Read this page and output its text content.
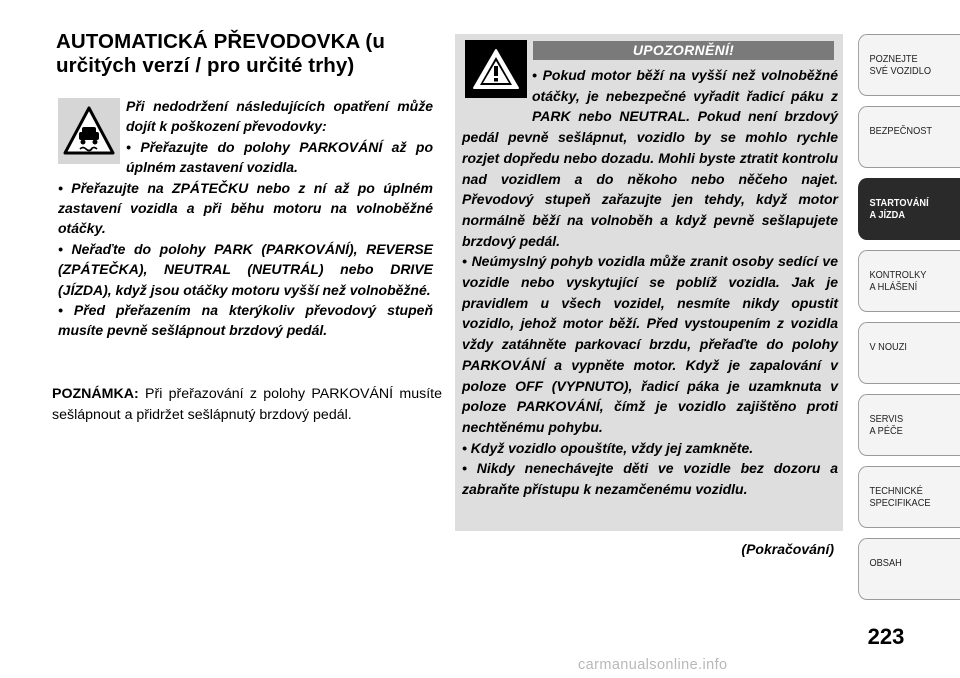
AUTOMATICKÁ PŘEVODOVKA (u určitých verzí / pro určité trhy)

Při nedodržení následujících opatření může dojít k poškození převodovky:

• Přeřazujte do polohy PARKOVÁNÍ až po úplném zastavení vozidla.

• Přeřazujte na ZPÁTEČKU nebo z ní až po úplném zastavení vozidla a při běhu motoru na volnoběžné otáčky.

• Neřaďte do polohy PARK (PARKOVÁNÍ), REVERSE (ZPÁTEČKA), NEUTRAL (NEUTRÁL) nebo DRIVE (JÍZDA), když jsou otáčky motoru vyšší než volnoběžné.

• Před přeřazením na kterýkoliv převodový stupeň musíte pevně sešlápnout brzdový pedál.

POZNÁMKA: Při přeřazování z polohy PARKOVÁNÍ musíte sešlápnout a přidržet sešlápnutý brzdový pedál.
UPOZORNĚNÍ!

• Pokud motor běží na vyšší než volnoběžné otáčky, je nebezpečné vyřadit řadicí páku z PARK nebo NEUTRAL. Pokud není brzdový pedál pevně sešlápnut, vozidlo by se mohlo rychle rozjet dopředu nebo dozadu. Mohli byste ztratit kontrolu nad vozidlem a do někoho nebo něčeho najet. Převodový stupeň zařazujte jen tehdy, když motor normálně běží na volnoběh a když pevně sešlapujete brzdový pedál.

• Neúmyslný pohyb vozidla může zranit osoby sedící ve vozidle nebo vyskytující se poblíž vozidla. Jak je pravidlem u všech vozidel, nesmíte nikdy opustit vozidlo, jehož motor běží. Před vystoupením z vozidla vždy zatáhněte parkovací brzdu, přeřaďte do polohy PARKOVÁNÍ a vypněte motor. Když je zapalování v poloze OFF (VYPNUTO), řadicí páka je uzamknuta v poloze PARKOVÁNÍ, čímž je vozidlo zajištěno proti nechtěnému pohybu.

• Když vozidlo opouštíte, vždy jej zamkněte.

• Nikdy nenechávejte děti ve vozidle bez dozoru a zabraňte přístupu k nezamčenému vozidlu.

(Pokračování)
POZNEJTE
SVÉ VOZIDLO
BEZPEČNOST
STARTOVÁNÍ
A JÍZDA
KONTROLKY
A HLÁŠENÍ
V NOUZI
SERVIS
A PÉČE
TECHNICKÉ
SPECIFIKACE
OBSAH
223
carmanualsonline.info
